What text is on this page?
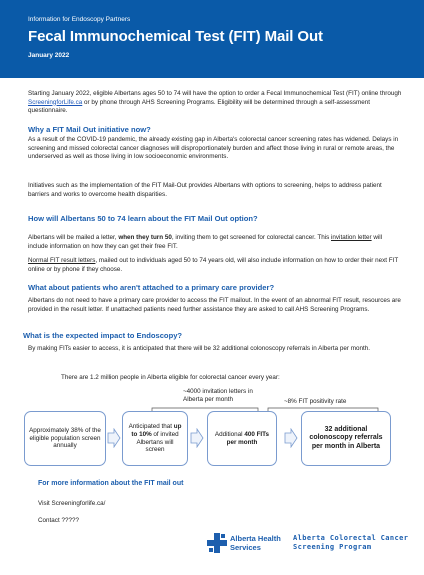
Information for Endoscopy Partners
Fecal Immunochemical Test (FIT) Mail Out
January 2022
Starting January 2022, eligible Albertans ages 50 to 74 will have the option to order a Fecal Immunochemical Test (FIT) online through ScreeningforLife.ca or by phone through AHS Screening Programs. Eligibility will be determined through a self-assessment questionnaire.
Why a FIT Mail Out initiative now?
As a result of the COVID-19 pandemic, the already existing gap in Alberta's colorectal cancer screening rates has widened. Delays in screening and missed colorectal cancer diagnoses will disproportionately burden and affect those living in rural or remote areas, the underserved as well as those living in low socioeconomic environments.
Initiatives such as the implementation of the FIT Mail-Out provides Albertans with options to screening, helps to address patient barriers and works to overcome health disparities.
How will Albertans 50 to 74 learn about the FIT Mail Out option?
Albertans will be mailed a letter, when they turn 50, inviting them to get screened for colorectal cancer. This invitation letter will include information on how they can get their free FIT.
Normal FIT result letters, mailed out to individuals aged 50 to 74 years old, will also include information on how to order their next FIT online or by phone if they choose.
What about patients who aren't attached to a primary care provider?
Albertans do not need to have a primary care provider to access the FIT mailout. In the event of an abnormal FIT result, resources are provided in the result letter. If unattached patients need further assistance they are asked to call AHS Screening Programs.
What is the expected impact to Endoscopy?
By making FITs easier to access, it is anticipated that there will be 32 additional colonoscopy referrals in Alberta per month.
There are 1.2 million people in Alberta eligible for colorectal cancer every year:
~4000 invitation letters in
Alberta per month	~8% FIT positivity rate
Approximately 38% of the eligible population screen annually
Anticipated that up to 10% of invited Albertans will screen
Additional 400 FITs per month
32 additional colonoscopy referrals per month in Alberta
For more information about the FIT mail out
Visit Screeningforlife.ca/
Contact ?????
Alberta Health
Services
Alberta Colorectal Cancer
Screening Program
